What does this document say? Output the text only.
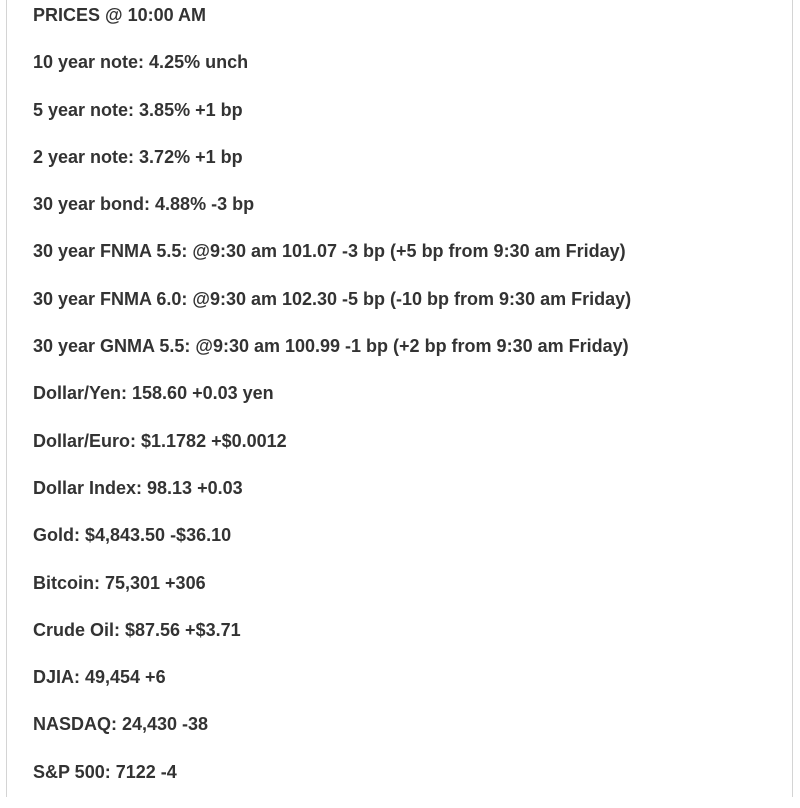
PRICES @ 10:00 AM

10 year note: 4.25% unch

5 year note: 3.85% +1 bp

2 year note: 3.72% +1 bp

30 year bond: 4.88% -3 bp

30 year FNMA 5.5: @9:30 am 101.07 -3 bp (+5 bp from 9:30 am Friday)

30 year FNMA 6.0: @9:30 am 102.30 -5 bp (-10 bp from 9:30 am Friday)

30 year GNMA 5.5: @9:30 am 100.99 -1 bp (+2 bp from 9:30 am Friday)

Dollar/Yen: 158.60 +0.03 yen

Dollar/Euro: $1.1782 +$0.0012

Dollar Index: 98.13 +0.03

Gold: $4,843.50 -$36.10

Bitcoin: 75,301 +306

Crude Oil: $87.56 +$3.71

DJIA: 49,454 +6

NASDAQ: 24,430 -38

S&P 500: 7122 -4
